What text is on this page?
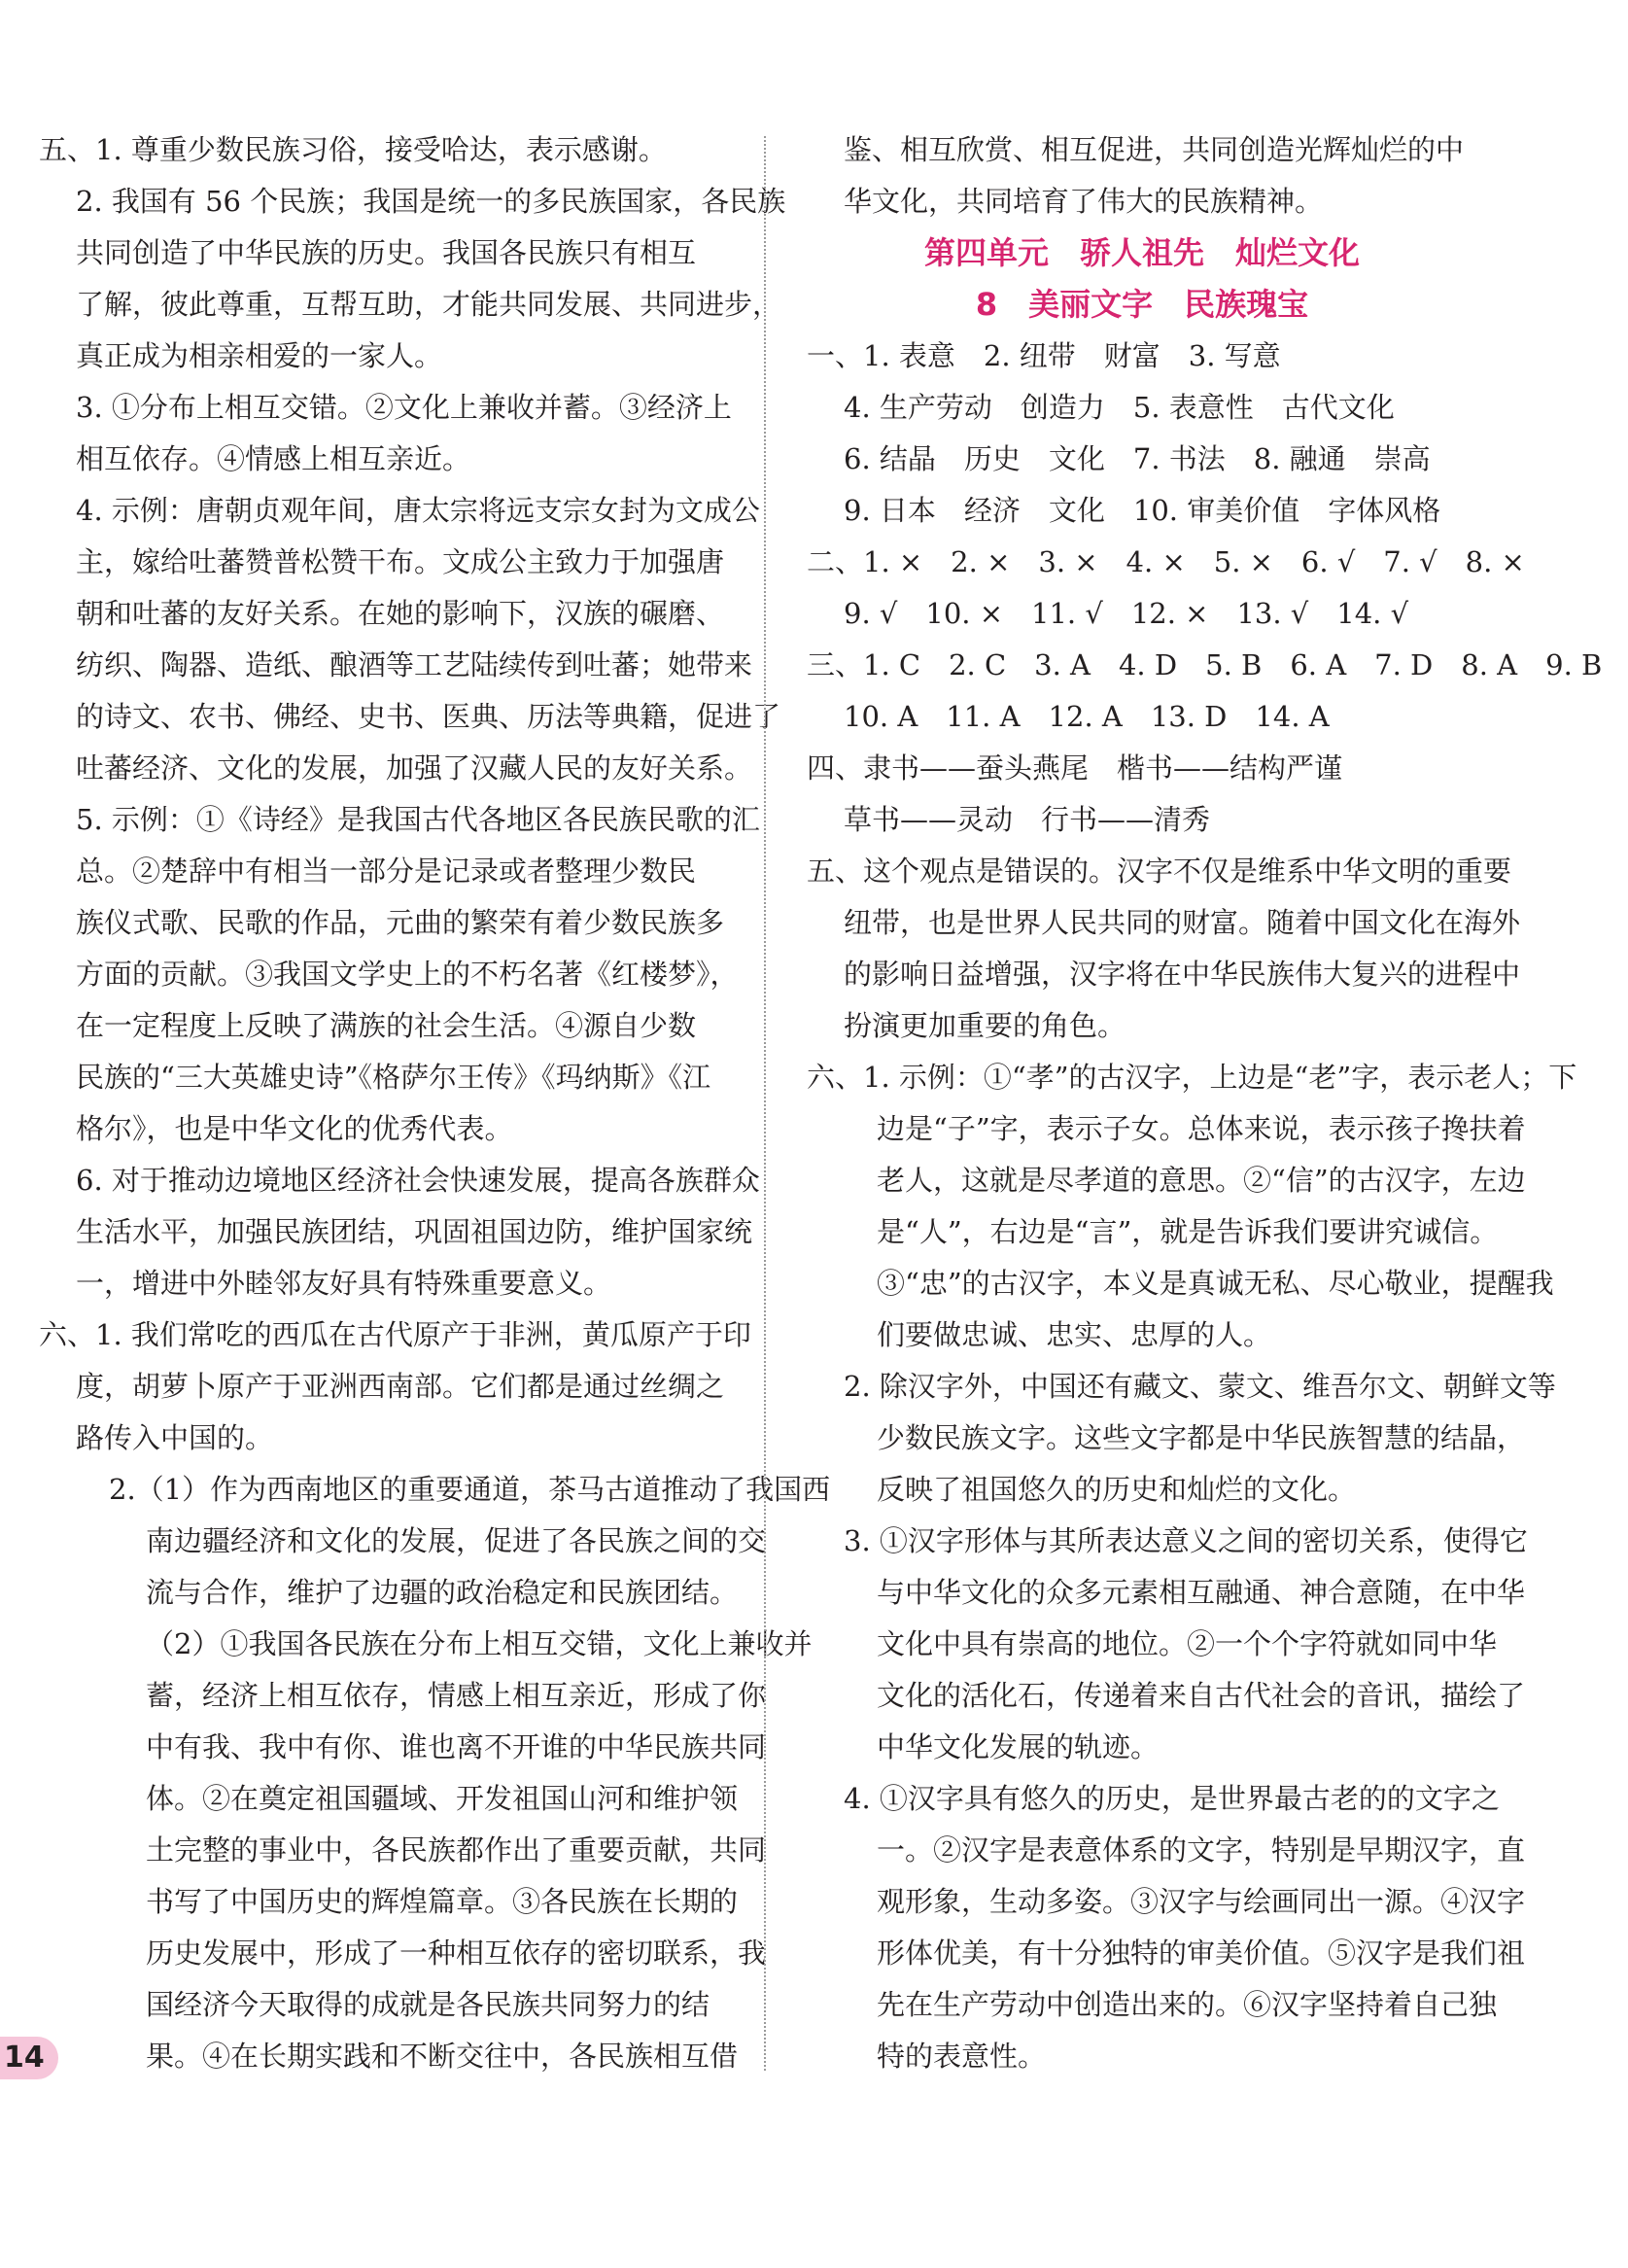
五、1. 尊重少数民族习俗，接受哈达，表示感谢。
2. 我国有 56 个民族；我国是统一的多民族国家，各民族
共同创造了中华民族的历史。我国各民族只有相互
了解，彼此尊重，互帮互助，才能共同发展、共同进步，
真正成为相亲相爱的一家人。
3. ①分布上相互交错。②文化上兼收并蓄。③经济上
相互依存。④情感上相互亲近。
4. 示例：唐朝贞观年间，唐太宗将远支宗女封为文成公
主，嫁给吐蕃赞普松赞干布。文成公主致力于加强唐
朝和吐蕃的友好关系。在她的影响下，汉族的碾磨、
纺织、陶器、造纸、酿酒等工艺陆续传到吐蕃；她带来
的诗文、农书、佛经、史书、医典、历法等典籍，促进了
吐蕃经济、文化的发展，加强了汉藏人民的友好关系。
5. 示例：①《诗经》是我国古代各地区各民族民歌的汇
总。②楚辞中有相当一部分是记录或者整理少数民
族仪式歌、民歌的作品，元曲的繁荣有着少数民族多
方面的贡献。③我国文学史上的不朽名著《红楼梦》，
在一定程度上反映了满族的社会生活。④源自少数
民族的“三大英雄史诗”《格萨尔王传》《玛纳斯》《江
格尔》，也是中华文化的优秀代表。
6. 对于推动边境地区经济社会快速发展，提高各族群众
生活水平，加强民族团结，巩固祖国边防，维护国家统
一，增进中外睦邻友好具有特殊重要意义。
六、1. 我们常吃的西瓜在古代原产于非洲，黄瓜原产于印
度，胡萝卜原产于亚洲西南部。它们都是通过丝绸之
路传入中国的。
2.（1）作为西南地区的重要通道，茶马古道推动了我国西
南边疆经济和文化的发展，促进了各民族之间的交
流与合作，维护了边疆的政治稳定和民族团结。
（2）①我国各民族在分布上相互交错，文化上兼收并
蓄，经济上相互依存，情感上相互亲近，形成了你
中有我、我中有你、谁也离不开谁的中华民族共同
体。②在奠定祖国疆域、开发祖国山河和维护领
土完整的事业中，各民族都作出了重要贡献，共同
书写了中国历史的辉煌篇章。③各民族在长期的
历史发展中，形成了一种相互依存的密切联系，我
国经济今天取得的成就是各民族共同努力的结
果。④在长期实践和不断交往中，各民族相互借
鉴、相互欣赏、相互促进，共同创造光辉灿烂的中
华文化，共同培育了伟大的民族精神。
第四单元　骄人祖先　灿烂文化
8　美丽文字　民族瑰宝
一、1. 表意　2. 纽带　财富　3. 写意
4. 生产劳动　创造力　5. 表意性　古代文化
6. 结晶　历史　文化　7. 书法　8. 融通　崇高
9. 日本　经济　文化　10. 审美价值　字体风格
二、1. ×　2. ×　3. ×　4. ×　5. ×　6. √　7. √　8. ×
9. √　10. ×　11. √　12. ×　13. √　14. √
三、1. C　2. C　3. A　4. D　5. B　6. A　7. D　8. A　9. B
10. A　11. A　12. A　13. D　14. A
四、隶书——蚕头燕尾　楷书——结构严谨
草书——灵动　行书——清秀
五、这个观点是错误的。汉字不仅是维系中华文明的重要
纽带，也是世界人民共同的财富。随着中国文化在海外
的影响日益增强，汉字将在中华民族伟大复兴的进程中
扮演更加重要的角色。
六、1. 示例：①“孝”的古汉字，上边是“老”字，表示老人；下
边是“子”字，表示子女。总体来说，表示孩子搀扶着
老人，这就是尽孝道的意思。②“信”的古汉字，左边
是“人”，右边是“言”，就是告诉我们要讲究诚信。
③“忠”的古汉字，本义是真诚无私、尽心敬业，提醒我
们要做忠诚、忠实、忠厚的人。
2. 除汉字外，中国还有藏文、蒙文、维吾尔文、朝鲜文等
少数民族文字。这些文字都是中华民族智慧的结晶，
反映了祖国悠久的历史和灿烂的文化。
3. ①汉字形体与其所表达意义之间的密切关系，使得它
与中华文化的众多元素相互融通、神合意随，在中华
文化中具有崇高的地位。②一个个字符就如同中华
文化的活化石，传递着来自古代社会的音讯，描绘了
中华文化发展的轨迹。
4. ①汉字具有悠久的历史，是世界最古老的的文字之
一。②汉字是表意体系的文字，特别是早期汉字，直
观形象，生动多姿。③汉字与绘画同出一源。④汉字
形体优美，有十分独特的审美价值。⑤汉字是我们祖
先在生产劳动中创造出来的。⑥汉字坚持着自己独
特的表意性。
14
